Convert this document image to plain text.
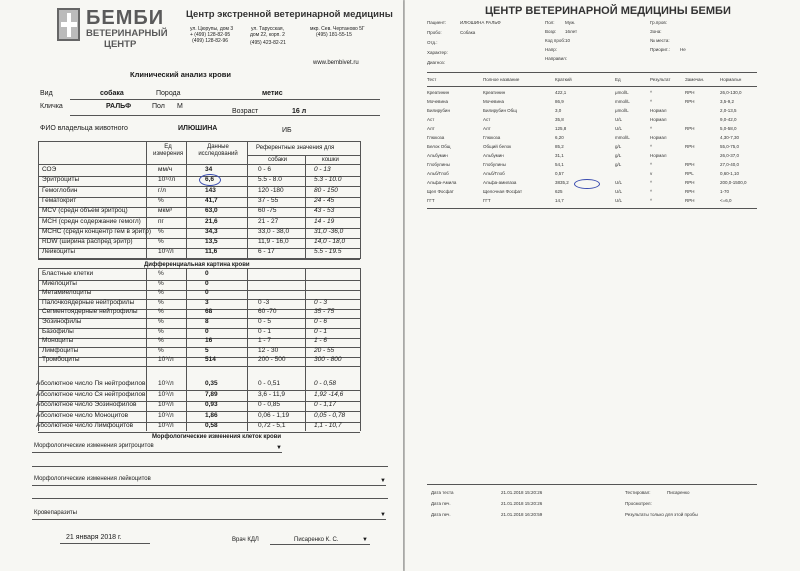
БЕМБИ
ВЕТЕРИНАРНЫЙ
ЦЕНТР
Центр экстренной ветеринарной медицины
ул. Цюрупы, дом 3
+ (499) 128-82-95
(499) 128-82-96
ул. Тарусская,
дом 22, корп. 2
(495) 423-82-21
мкр. Сев. Чертаново 5Г
(495) 181-55-15
www.bembivet.ru
Клинический анализ крови
Вид	собака	Порода	метис
Кличка	РАЛЬФ	Пол М
Возраст	16 л
ФИО владельца животного	ИЛЮШИНА	ИБ
Ед измерения
Данные исследований
Референтные значения для
собаки	кошки
СОЭ	мм/ч	34	0 - 6	0 - 13
Эритроциты	10¹²/л	6,6	5.5 - 8.0	5.3 - 10.0
Гемоглобин	г/л	143	120 -180	80 - 150
Гематокрит	%	41,7	37 - 55	24 - 45
MCV (средн объем эритроц)	мкм³	63,0	60 -75	43 - 53
MCH (средн содержание гемогл)	пг	21,6	21 - 27	14 - 19
MCHC (средн концентр гем в эритр) %	34,3	33,0 - 38,0	31,0 -36,0
RDW (ширина распред эритр)	%	13,5	11,9 - 16,0	14,0 - 18,0
Лейкоциты	10⁹/л	11,6	6 - 17	5.5 - 19.5
Дифференциальная картина крови
Бластные клетки	%	0
Миелоциты	%	0
Метамиелоциты	%	0
Палочкоядерные нейтрофилы	%	3	0 -3	0 - 3
Сегментоядерные нейтрофилы	%	68	60 -70	35 - 75
Эозинофилы	%	8	0 - 5	0 - 6
Базофилы	%	0	0 - 1	0 - 1
Моноциты	%	16	1 - 7	1 - 6
Лимфоциты	%	5	12 - 30	20 - 55
Тромбоциты	10⁹/л	514	200 - 500	300 - 800
Абсолютное число Пя нейтрофилов 10⁹/л	0,35	0 - 0,51	0 - 0,58
Абсолютное число Ся нейтрофилов 10⁹/л	7,89	3,6 - 11,9	1,92 -14,6
Абсолютное число Эозинофилов	10⁹/л	0,93	0 - 0,85	0 - 1,17
Абсолютное число Моноцитов	10⁹/л	1,86	0,06 - 1,19	0,05 - 0,78
Абсолютное число Лимфоцитов	10⁹/л	0,58	0,72 - 5,1	1,1 - 10,7
Морфологические изменения клеток крови
Морфологические изменения эритроцитов	▼
Морфологические изменения лейкоцитов	▼
Кровепаразиты	▼
21 января 2018 г.	Врач КДЛ	Писаренко К. С.	▼
ЦЕНТР ВЕТЕРИНАРНОЙ МЕДИЦИНЫ БЕМБИ
Пациент:	ИЛЮШИНА РАЛЬФ
Пробо:	Собака
Отд.:
Характер:
Диагноз:
Пол: Муж.
Возр: 16лет
Код проб: 10
Напр:
Направил:
Гр.пров:
Зона:
№ места:
Приорит.: Не
Тест	Полное название	Краткий	Ед	Результат	Замечан.	Нормальн
Креатинин	Креатинин	422,1	μmol/L	^	RPH	26,0-130,0
Мочевина	Мочевина	86,9	mmol/L	^	RPH	3,5-9,2
Билирубин	Билирубин Общ	3,0	μmol/L	Нормал	2,0-13,5
Аст	Аст	35,8	U/L	Нормал	9,0-42,0
Алт	Алт	125,8	U/L	^	RPH	5,0-58,0
Глюкоза	Глюкоза	6,20	mmol/L	Нормал	4,30-7,30
Белок Общ	Общий белок	85,2	g/L	^	RPH	55,0-75,0
Альбумин	Альбумин	31,1	g/L	Нормал	26,0-37,0
Глобулины	Глобулины	54,1	g/L	^	RPH	27,0-40,0
Альб/Глоб	Альб/Глоб	0,57	v	RPL	0,60-1,10
Альфа-Амила	Альфа-амилаза	3835,2	U/L	^	RPH	200,0-1500,0
Щел Фосфат	Щелочная Фосфат	625	U/L	^	RPH	1-70
ГГТ	ГГТ	14,7	U/L	^	RPH	<=6,0
Дата теста	21.01.2018 15:20:26
Дата печ.	21.01.2018 15:20:26
Дата печ.	21.01.2018 16:20:59
Тестировал:	Писаренко
Просмотрел:
Результаты только для этой пробы
